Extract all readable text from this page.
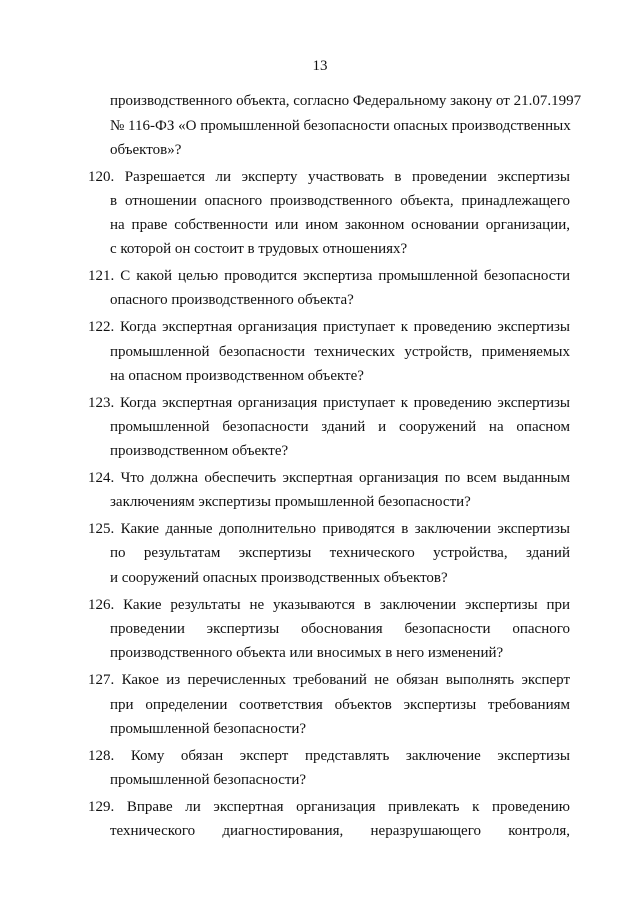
13
производственного объекта, согласно Федеральному закону от 21.07.1997
№ 116-ФЗ «О промышленной безопасности опасных производственных
объектов»?
120. Разрешается ли эксперту участвовать в проведении экспертизы
в отношении опасного производственного объекта, принадлежащего
на праве собственности или ином законном основании организации,
с которой он состоит в трудовых отношениях?
121. С какой целью проводится экспертиза промышленной безопасности
опасного производственного объекта?
122. Когда экспертная организация приступает к проведению экспертизы
промышленной безопасности технических устройств, применяемых
на опасном производственном объекте?
123. Когда экспертная организация приступает к проведению экспертизы
промышленной безопасности зданий и сооружений на опасном
производственном объекте?
124. Что должна обеспечить экспертная организация по всем выданным
заключениям экспертизы промышленной безопасности?
125. Какие данные дополнительно приводятся в заключении экспертизы
по результатам экспертизы технического устройства, зданий
и сооружений опасных производственных объектов?
126. Какие результаты не указываются в заключении экспертизы при
проведении экспертизы обоснования безопасности опасного
производственного объекта или вносимых в него изменений?
127. Какое из перечисленных требований не обязан выполнять эксперт
при определении соответствия объектов экспертизы требованиям
промышленной безопасности?
128. Кому обязан эксперт представлять заключение экспертизы
промышленной безопасности?
129. Вправе ли экспертная организация привлекать к проведению
технического диагностирования, неразрушающего контроля,
